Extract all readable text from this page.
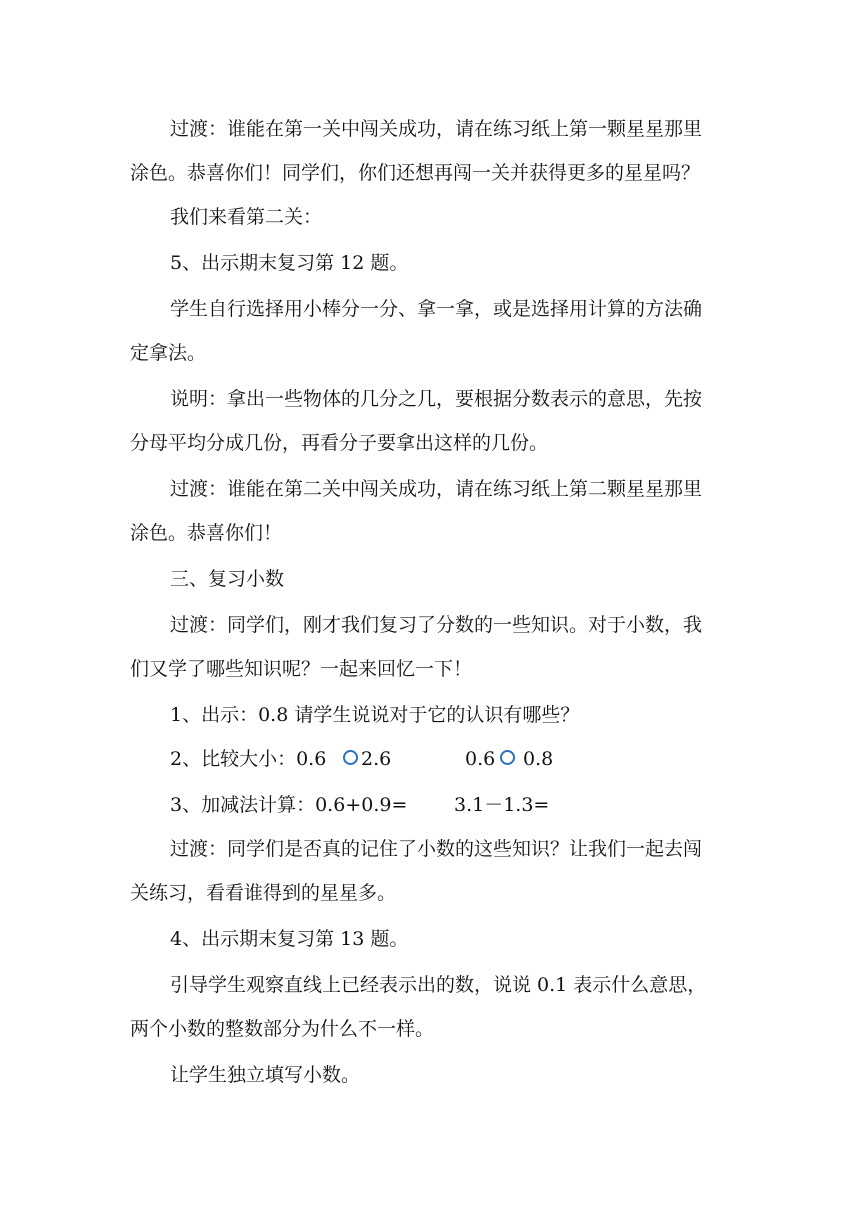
过渡：谁能在第一关中闯关成功，请在练习纸上第一颗星星那里
涂色。恭喜你们！同学们，你们还想再闯一关并获得更多的星星吗？
我们来看第二关：
5、出示期末复习第 12 题。
学生自行选择用小棒分一分、拿一拿，或是选择用计算的方法确
定拿法。
说明：拿出一些物体的几分之几，要根据分数表示的意思，先按
分母平均分成几份，再看分子要拿出这样的几份。
过渡：谁能在第二关中闯关成功，请在练习纸上第二颗星星那里
涂色。恭喜你们！
三、复习小数
过渡：同学们，刚才我们复习了分数的一些知识。对于小数，我
们又学了哪些知识呢？一起来回忆一下！
1、出示：0.8 请学生说说对于它的认识有哪些？
2、比较大小：0.6 2.6	0.6 0.8
3、加减法计算：0.6+0.9= 3.1－1.3=
过渡：同学们是否真的记住了小数的这些知识？让我们一起去闯
关练习，看看谁得到的星星多。
4、出示期末复习第 13 题。
引导学生观察直线上已经表示出的数，说说 0.1 表示什么意思，
两个小数的整数部分为什么不一样。
让学生独立填写小数。
